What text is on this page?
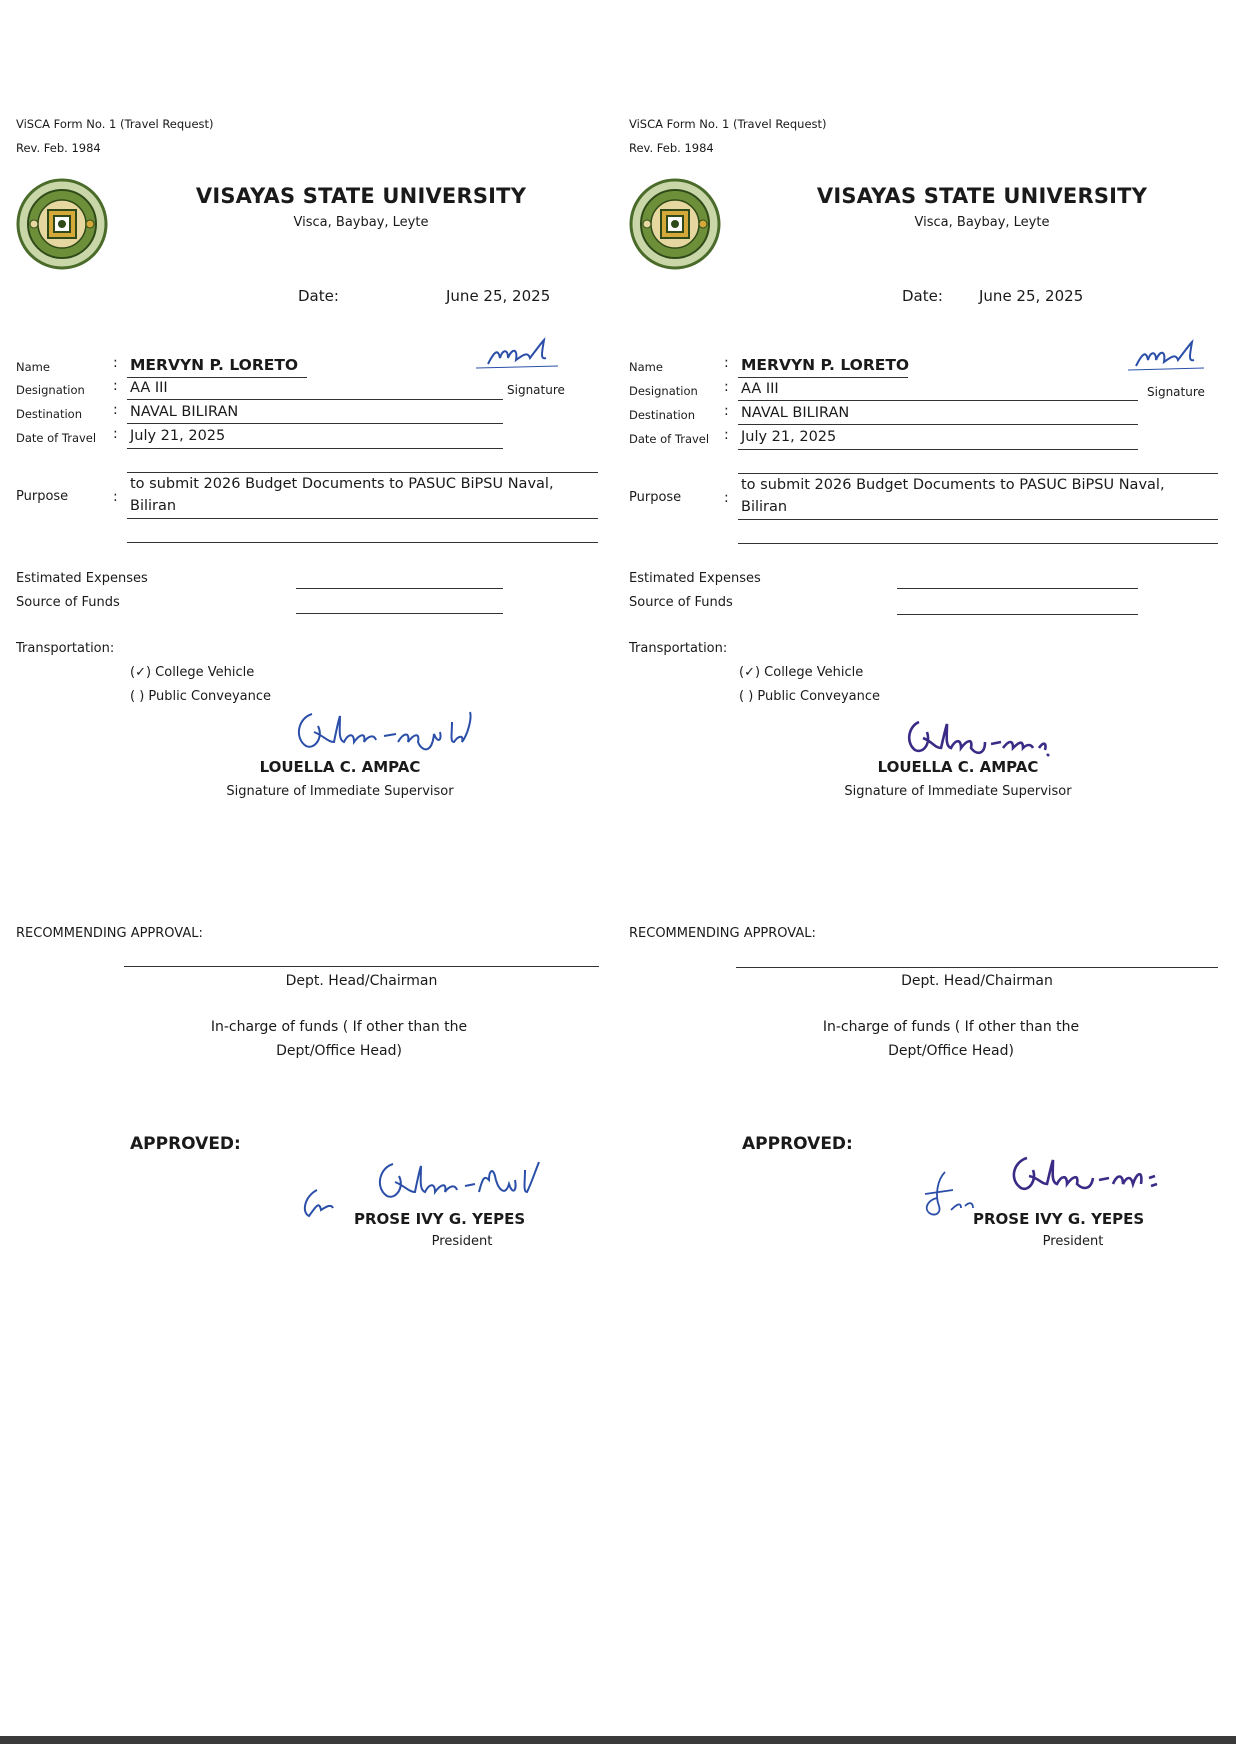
ViSCA Form No. 1 (Travel Request)
Rev. Feb. 1984
VISAYAS STATE UNIVERSITY
Visca, Baybay, Leyte
Date:	June 25, 2025
Name	: MERVYN P. LORETO
Signature
Designation : AA III
Destination : NAVAL BILIRAN
Date of Travel : July 21, 2025
Purpose	:
to submit 2026 Budget Documents to PASUC BiPSU Naval,
Biliran
Estimated Expenses
Source of Funds
Transportation:
(✓) College Vehicle
( ) Public Conveyance
LOUELLA C. AMPAC
Signature of Immediate Supervisor
RECOMMENDING APPROVAL:
Dept. Head/Chairman
In-charge of funds ( If other than the
Dept/Office Head)
APPROVED:
PROSE IVY G. YEPES
President
ViSCA Form No. 1 (Travel Request)
Rev. Feb. 1984
VISAYAS STATE UNIVERSITY
Visca, Baybay, Leyte
Date: June 25, 2025
Name	: MERVYN P. LORETO
Signature
Designation : AA III
Destination : NAVAL BILIRAN
Date of Travel : July 21, 2025
Purpose	:
to submit 2026 Budget Documents to PASUC BiPSU Naval,
Biliran
Estimated Expenses
Source of Funds
Transportation:
(✓) College Vehicle
( ) Public Conveyance
LOUELLA C. AMPAC
Signature of Immediate Supervisor
RECOMMENDING APPROVAL:
Dept. Head/Chairman
In-charge of funds ( If other than the
Dept/Office Head)
APPROVED:
PROSE IVY G. YEPES
President
